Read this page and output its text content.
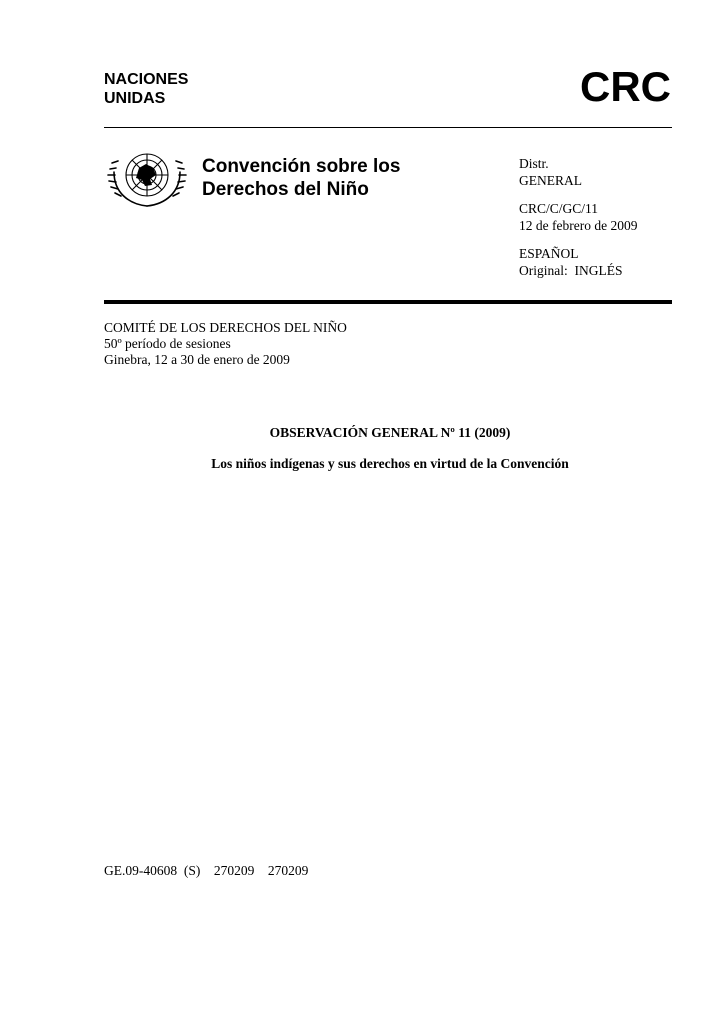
NACIONES
UNIDAS	CRC
Convención sobre los
Derechos del Niño

Distr.
GENERAL

CRC/C/GC/11
12 de febrero de 2009

ESPAÑOL
Original:  INGLÉS

COMITÉ DE LOS DERECHOS DEL NIÑO
50º período de sesiones
Ginebra, 12 a 30 de enero de 2009
OBSERVACIÓN GENERAL Nº 11 (2009)
Los niños indígenas y sus derechos en virtud de la Convención
GE.09-40608  (S)    270209    270209
